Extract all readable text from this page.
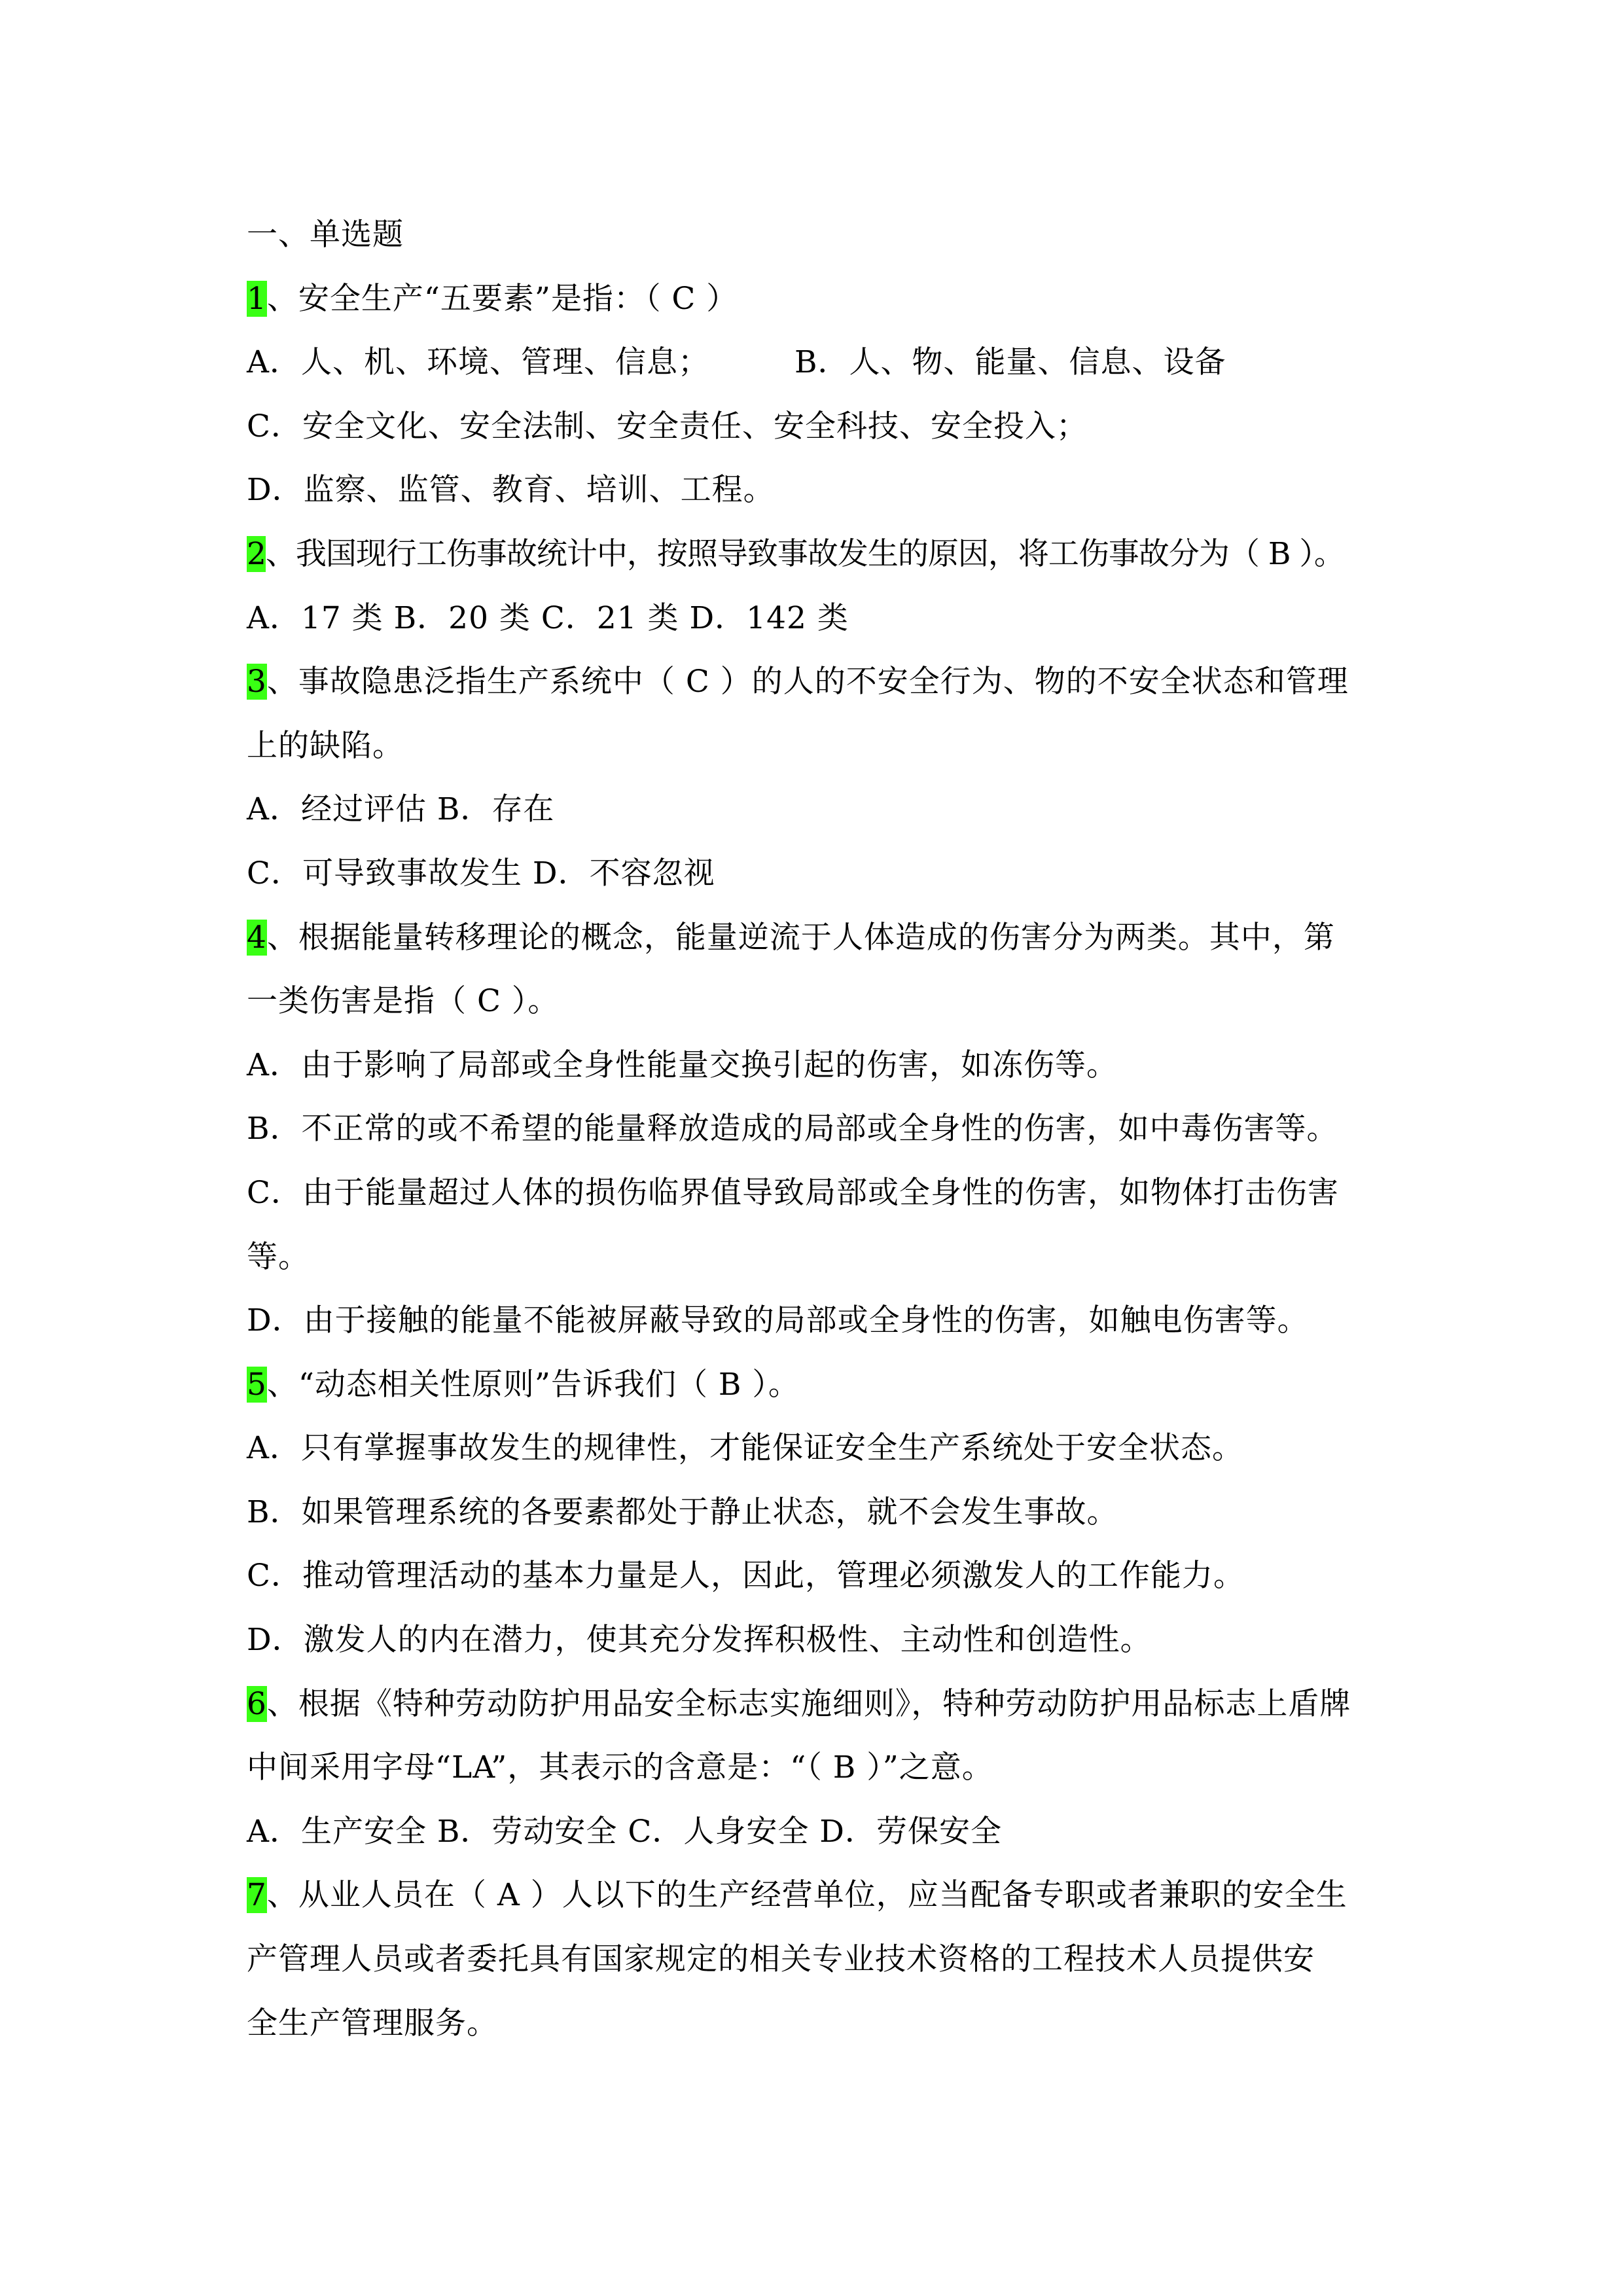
一、单选题
1、安全生产“五要素”是指：（ C ）
A．人、机、环境、管理、信息；	B．人、物、能量、信息、设备
C．安全文化、安全法制、安全责任、安全科技、安全投入；
D．监察、监管、教育、培训、工程。
2、我国现行工伤事故统计中，按照导致事故发生的原因，将工伤事故分为（ B ）。
A．17 类 B．20 类 C．21 类 D．142 类
3、事故隐患泛指生产系统中（ C ）的人的不安全行为、物的不安全状态和管理
上的缺陷。
A．经过评估 B．存在
C．可导致事故发生 D．不容忽视
4、根据能量转移理论的概念，能量逆流于人体造成的伤害分为两类。其中，第
一类伤害是指（ C ）。
A．由于影响了局部或全身性能量交换引起的伤害，如冻伤等。
B．不正常的或不希望的能量释放造成的局部或全身性的伤害，如中毒伤害等。
C．由于能量超过人体的损伤临界值导致局部或全身性的伤害，如物体打击伤害
等。
D．由于接触的能量不能被屏蔽导致的局部或全身性的伤害，如触电伤害等。
5、“动态相关性原则”告诉我们（ B ）。
A．只有掌握事故发生的规律性，才能保证安全生产系统处于安全状态。
B．如果管理系统的各要素都处于静止状态，就不会发生事故。
C．推动管理活动的基本力量是人，因此，管理必须激发人的工作能力。
D．激发人的内在潜力，使其充分发挥积极性、主动性和创造性。
6、根据《特种劳动防护用品安全标志实施细则》，特种劳动防护用品标志上盾牌
中间采用字母“LA”，其表示的含意是：“（ B ）”之意。
A．生产安全 B．劳动安全 C．人身安全 D．劳保安全
7、从业人员在（ A ）人以下的生产经营单位，应当配备专职或者兼职的安全生
产管理人员或者委托具有国家规定的相关专业技术资格的工程技术人员提供安
全生产管理服务。
